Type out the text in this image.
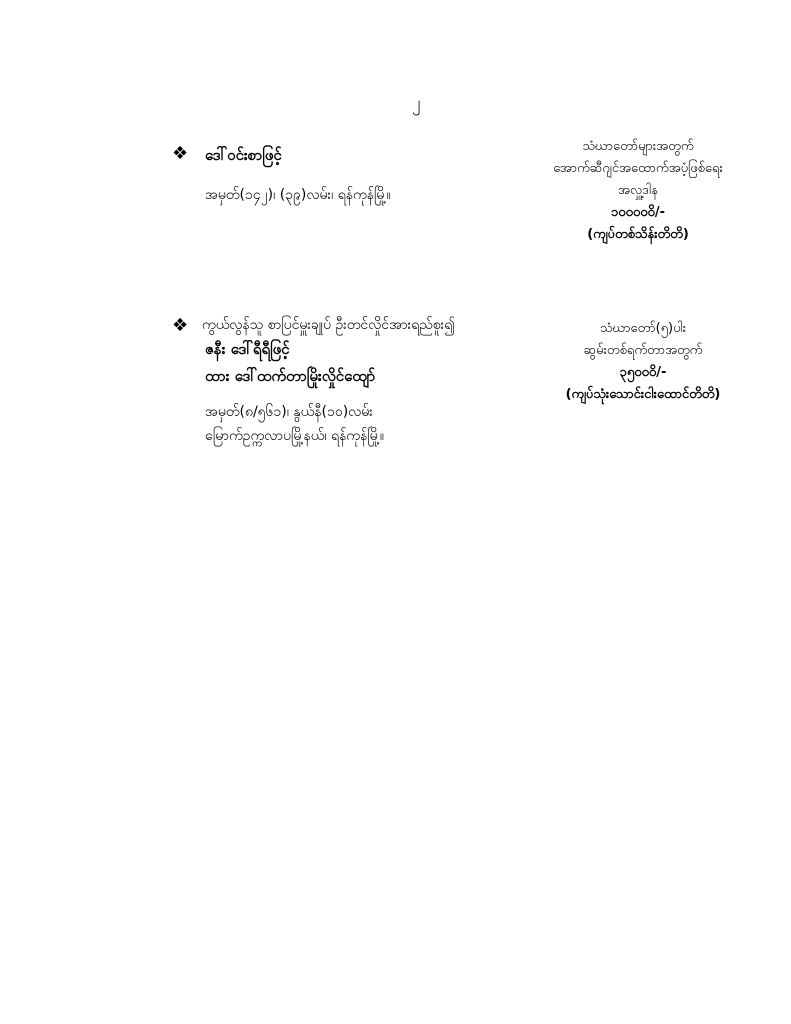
၂
❖ ဒေါ်ဝင်းစာဖြင့်
အမှတ်(၁၄၂)၊ (၃၉)လမ်း၊ ရန်ကုန်မြို့။
သံဃာတော်များအတွက်
အောက်ဆီဂျင်အထောက်အပံ့ဖြစ်ရေး
အလှူ့ဒါန
၁၀၀၀၀၀ိ/-
(ကျပ်တစ်သိန်းတိတိ)
❖ ကွယ်လွန်သူ စာပြင်မှူးချုပ် ဦးတင်လှိုင်အားရည်စူး၍
ဇနီး ဒေါ်ရီရီဖြင့်
ထား ဒေါ်ထက်တာမြိုးလှိုင်ထျော်
အမှတ်(၈/၅၆၁)၊ နွယ်နီ(၁၀)လမ်း
မြောက်ဥက္ကလာပမြို့နယ်၊ ရန်ကုန်မြို့။
သံဃာတော်(၅)ပါး
ဆွမ်းတစ်ရက်တာအတွက်
၃၅၀၀၀ိ/-
(ကျပ်သုံးသောင်းငါးထောင်တိတိ)
